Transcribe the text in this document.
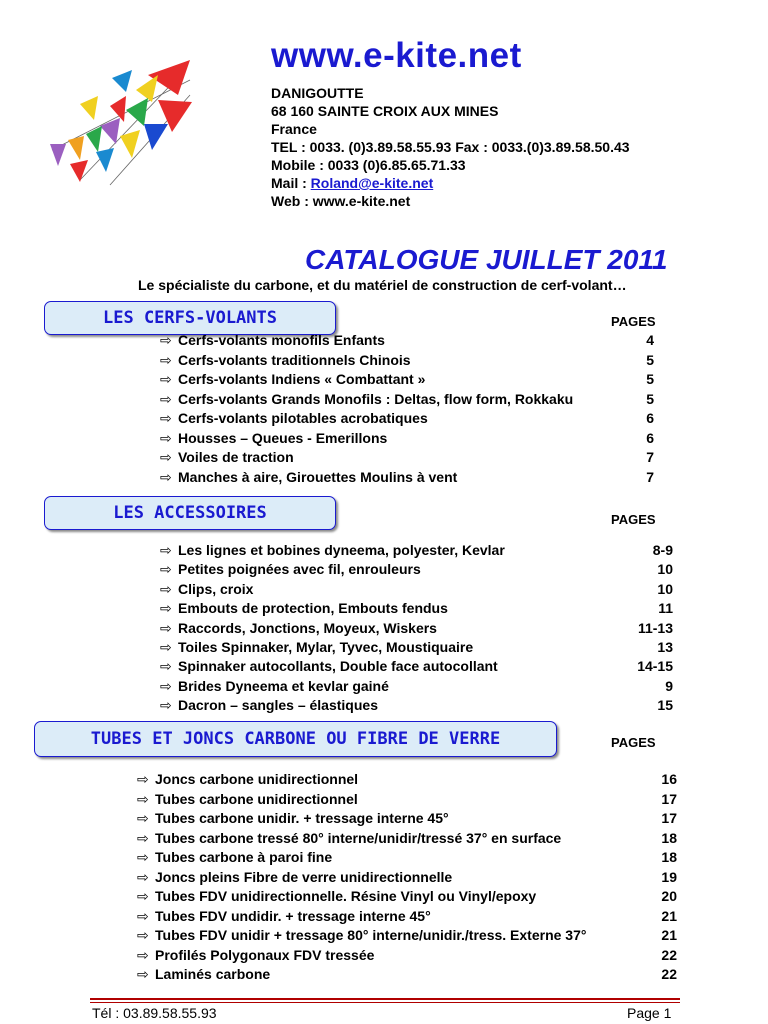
www.e-kite.net
DANIGOUTTE
68 160 SAINTE CROIX AUX MINES
France
TEL : 0033. (0)3.89.58.55.93 Fax : 0033.(0)3.89.58.50.43
Mobile : 0033 (0)6.85.65.71.33
Mail : Roland@e-kite.net
Web : www.e-kite.net
CATALOGUE JUILLET 2011
Le spécialiste du carbone, et du matériel de construction de cerf-volant…
LES CERFS-VOLANTS	PAGES
⇨ Cerfs-volants monofils Enfants	4
⇨ Cerfs-volants traditionnels Chinois	5
⇨ Cerfs-volants Indiens « Combattant »	5
⇨ Cerfs-volants Grands Monofils : Deltas, flow form, Rokkaku	5
⇨ Cerfs-volants pilotables acrobatiques	6
⇨ Housses – Queues - Emerillons	6
⇨ Voiles de traction	7
⇨ Manches à aire, Girouettes Moulins à vent	7
LES ACCESSOIRES	PAGES
⇨ Les lignes et bobines dyneema, polyester, Kevlar	8-9
⇨ Petites poignées avec fil, enrouleurs	10
⇨ Clips, croix	10
⇨ Embouts de protection, Embouts fendus	11
⇨ Raccords, Jonctions, Moyeux, Wiskers	11-13
⇨ Toiles Spinnaker, Mylar, Tyvec, Moustiquaire	13
⇨ Spinnaker autocollants, Double face autocollant	14-15
⇨ Brides Dyneema et kevlar gainé	9
⇨ Dacron – sangles – élastiques	15
TUBES ET JONCS CARBONE OU FIBRE DE VERRE	PAGES
⇨ Joncs carbone unidirectionnel	16
⇨ Tubes carbone unidirectionnel	17
⇨ Tubes carbone unidir. + tressage interne 45°	17
⇨ Tubes carbone tressé 80° interne/unidir/tressé 37° en surface	18
⇨ Tubes carbone à paroi fine	18
⇨ Joncs pleins Fibre de verre unidirectionnelle	19
⇨ Tubes FDV unidirectionnelle. Résine Vinyl ou Vinyl/epoxy	20
⇨ Tubes FDV undidir. + tressage interne 45°	21
⇨ Tubes FDV unidir + tressage 80° interne/unidir./tress. Externe 37°	21
⇨ Profilés Polygonaux FDV tressée	22
⇨ Laminés carbone	22
Tél : 03.89.58.55.93	Page 1
